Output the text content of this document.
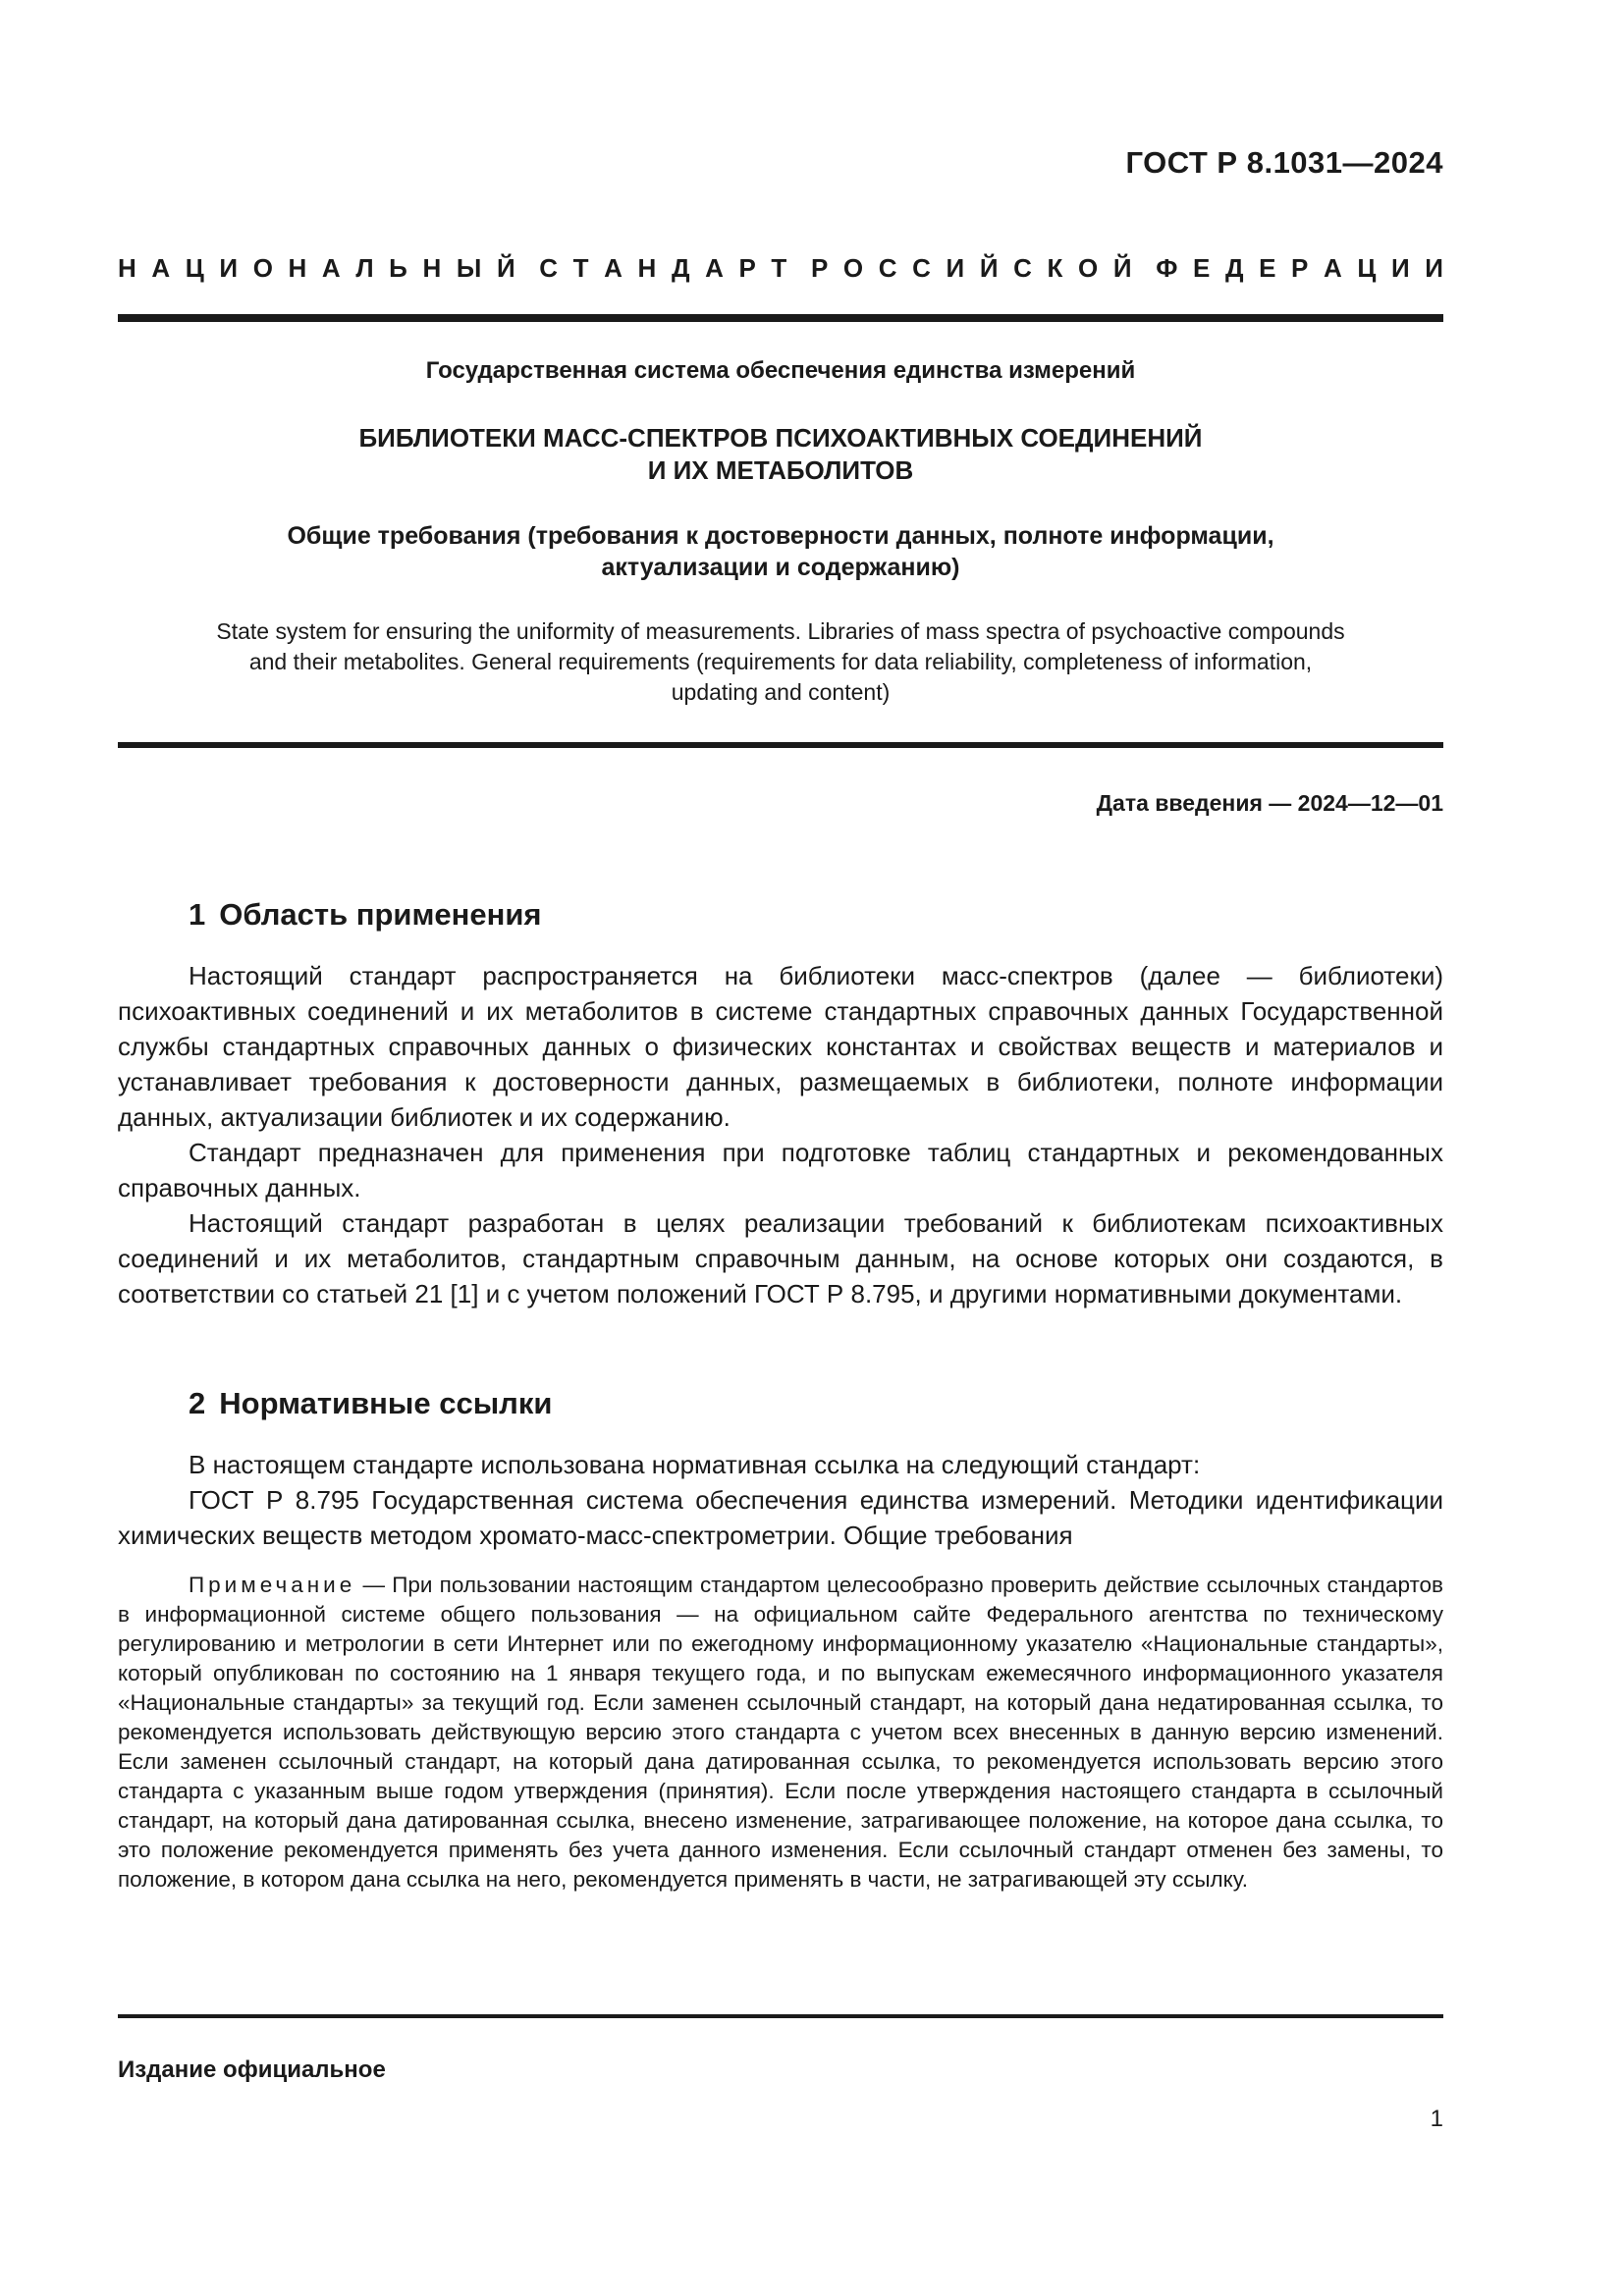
ГОСТ Р 8.1031—2024
Н   А   Ц   И   О   Н   А   Л   Ь   Н   Ы   Й С   Т   А   Н   Д   А   Р   Т Р   О   С   С   И   Й   С   К   О   Й Ф   Е   Д   Е   Р   А   Ц   И   И
Государственная система обеспечения единства измерений
БИБЛИОТЕКИ МАСС-СПЕКТРОВ ПСИХОАКТИВНЫХ СОЕДИНЕНИЙ
И ИХ МЕТАБОЛИТОВ
Общие требования (требования к достоверности данных, полноте информации,
актуализации и содержанию)
State system for ensuring the uniformity of measurements. Libraries of mass spectra of psychoactive compounds
and their metabolites. General requirements (requirements for data reliability, completeness of information,
updating and content)
Дата введения — 2024—12—01
1 Область применения

Настоящий стандарт распространяется на библиотеки масс-спектров (далее — библиотеки) психоактивных соединений и их метаболитов в системе стандартных справочных данных Государственной службы стандартных справочных данных о физических константах и свойствах веществ и материалов и устанавливает требования к достоверности данных, размещаемых в библиотеки, полноте информации данных, актуализации библиотек и их содержанию.

Стандарт предназначен для применения при подготовке таблиц стандартных и рекомендованных справочных данных.

Настоящий стандарт разработан в целях реализации требований к библиотекам психоактивных соединений и их метаболитов, стандартным справочным данным, на основе которых они создаются, в соответствии со статьей 21 [1] и с учетом положений ГОСТ Р 8.795, и другими нормативными документами.

2 Нормативные ссылки

В настоящем стандарте использована нормативная ссылка на следующий стандарт:

ГОСТ Р 8.795 Государственная система обеспечения единства измерений. Методики идентификации химических веществ методом хромато-масс-спектрометрии. Общие требования

Примечание — При пользовании настоящим стандартом целесообразно проверить действие ссылочных стандартов в информационной системе общего пользования — на официальном сайте Федерального агентства по техническому регулированию и метрологии в сети Интернет или по ежегодному информационному указателю «Национальные стандарты», который опубликован по состоянию на 1 января текущего года, и по выпускам ежемесячного информационного указателя «Национальные стандарты» за текущий год. Если заменен ссылочный стандарт, на который дана недатированная ссылка, то рекомендуется использовать действующую версию этого стандарта с учетом всех внесенных в данную версию изменений. Если заменен ссылочный стандарт, на который дана датированная ссылка, то рекомендуется использовать версию этого стандарта с указанным выше годом утверждения (принятия). Если после утверждения настоящего стандарта в ссылочный стандарт, на который дана датированная ссылка, внесено изменение, затрагивающее положение, на которое дана ссылка, то это положение рекомендуется применять без учета данного изменения. Если ссылочный стандарт отменен без замены, то положение, в котором дана ссылка на него, рекомендуется применять в части, не затрагивающей эту ссылку.

Издание официальное
1
